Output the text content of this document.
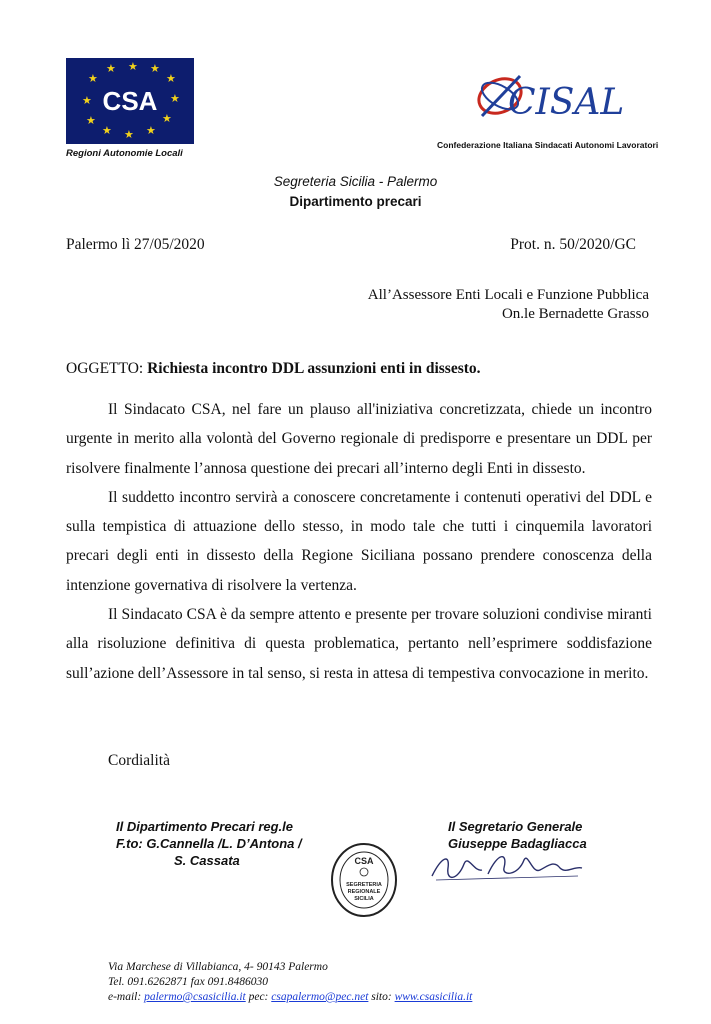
★
★ ★ ★
★
★
★
★
★
★
★
★ CSA
Regioni Autonomie Locali
CISAL
Confederazione Italiana Sindacati Autonomi Lavoratori
Segreteria Sicilia - Palermo
Dipartimento precari
Palermo lì 27/05/2020	Prot. n. 50/2020/GC
All’Assessore Enti Locali e Funzione Pubblica
On.le Bernadette Grasso
OGGETTO: Richiesta incontro DDL assunzioni enti in dissesto.

Il Sindacato CSA, nel fare un plauso all'iniziativa concretizzata, chiede un incontro urgente in merito alla volontà del Governo regionale di predisporre e presentare un DDL per risolvere finalmente l’annosa questione dei precari all’interno degli Enti in dissesto.

Il suddetto incontro servirà a conoscere concretamente i contenuti operativi del DDL e sulla tempistica di attuazione dello stesso, in modo tale che tutti i cinquemila lavoratori precari degli enti in dissesto della Regione Siciliana possano prendere conoscenza della intenzione governativa di risolvere la vertenza.

Il Sindacato CSA è da sempre attento e presente per trovare soluzioni condivise miranti alla risoluzione definitiva di questa problematica, pertanto nell’esprimere soddisfazione sull’azione dell’Assessore in tal senso, si resta in attesa di tempestiva convocazione in merito.

Cordialità
Il Dipartimento Precari reg.le
F.to: G.Cannella /L. D’Antona /
S. Cassata	CSA
SEGRETERIA
REGIONALE
SICILIA
Il Segretario Generale
Giuseppe Badagliacca
Via Marchese di Villabianca, 4- 90143 Palermo
Tel. 091.6262871 fax 091.8486030
e-mail: palermo@csasicilia.it pec: csapalermo@pec.net sito: www.csasicilia.it
